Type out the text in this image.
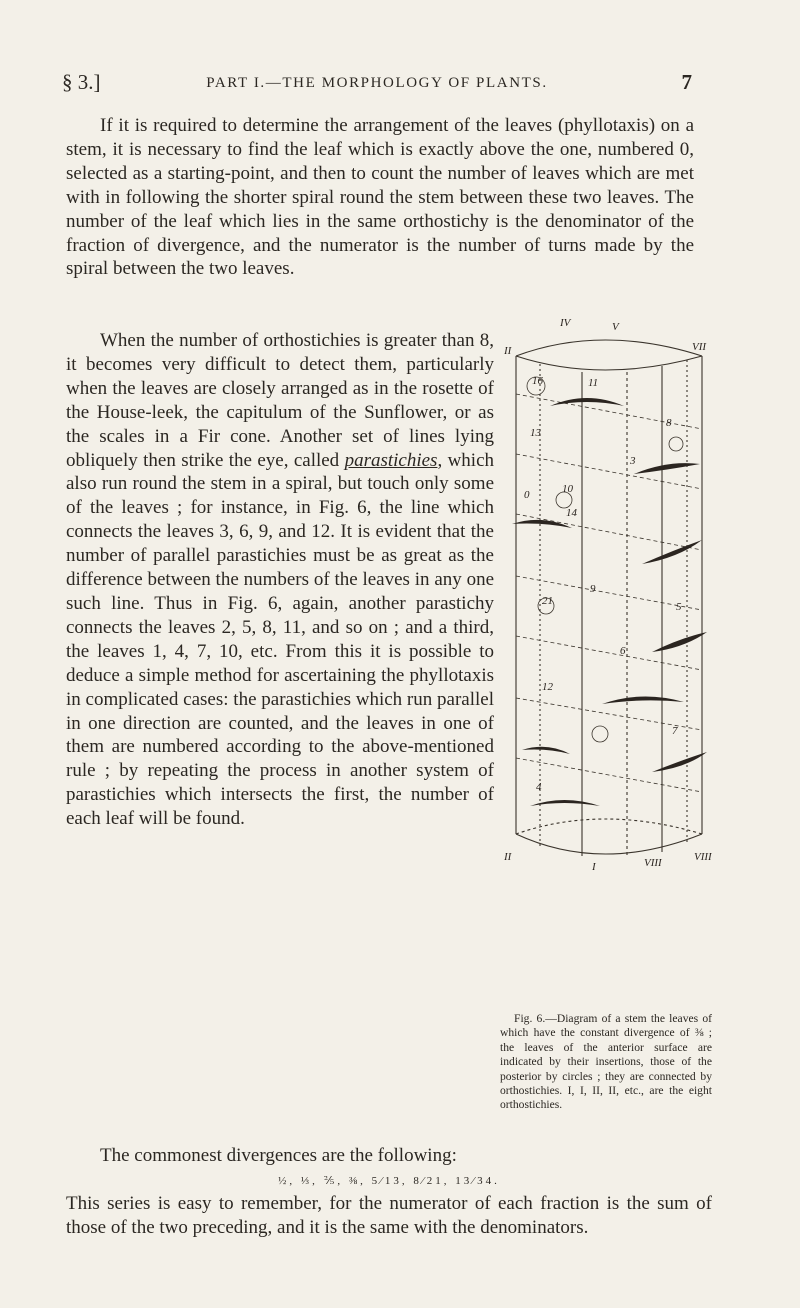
§ 3.]	PART I.—THE MORPHOLOGY OF PLANTS.	7

If it is required to determine the arrangement of the leaves (phyllotaxis) on a stem, it is necessary to find the leaf which is exactly above the one, numbered 0, selected as a starting-point, and then to count the number of leaves which are met with in following the shorter spiral round the stem between these two leaves. The number of the leaf which lies in the same orthostichy is the denominator of the fraction of divergence, and the numerator is the number of turns made by the spiral between the two leaves.

When the number of orthostichies is greater than 8, it becomes very difficult to detect them, particularly when the leaves are closely arranged as in the rosette of the House-leek, the capitulum of the Sunflower, or as the scales in a Fir cone. Another set of lines lying obliquely then strike the eye, called parastichies, which also run round the stem in a spiral, but touch only some of the leaves ; for instance, in Fig. 6, the line which connects the leaves 3, 6, 9, and 12. It is evident that the number of parallel parastichies must be as great as the difference between the numbers of the leaves in any one such line. Thus in Fig. 6, again, another parastichy connects the leaves 2, 5, 8, 11, and so on ; and a third, the leaves 1, 4, 7, 10, etc. From this it is possible to deduce a simple method for ascertaining the phyllotaxis in complicated cases: the parastichies which run parallel in one direction are counted, and the leaves in one of them are numbered according to the above-mentioned rule ; by repeating the process in another system of parastichies which intersects the first, the number of each leaf will be found.

IV	V
II	VII
II	VIII
I	VIII
16	11
13
8
3
0	10
14
21
9
6
5
12
7
4

Fig. 6.—Diagram of a stem the leaves of which have the constant divergence of ⅜ ; the leaves of the anterior surface are indicated by their insertions, those of the posterior by circles ; they are connected by orthostichies. I, I, II, II, etc., are the eight orthostichies.

The commonest divergences are the following:

½, ⅓, ⅖, ⅜, 5⁄13, 8⁄21, 13⁄34.

This series is easy to remember, for the numerator of each fraction is the sum of those of the two preceding, and it is the same with the denominators.
